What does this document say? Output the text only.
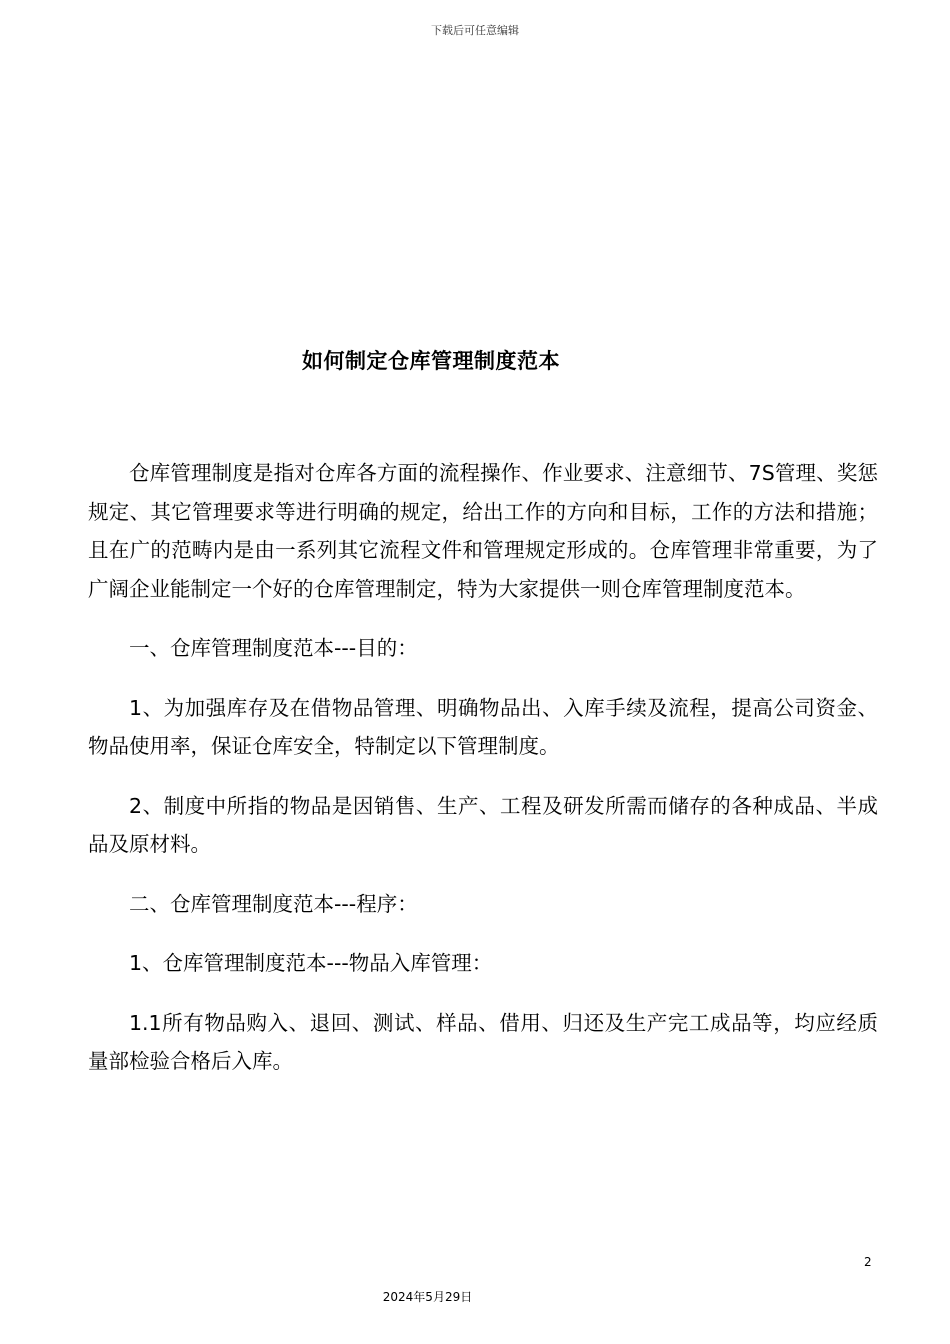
下载后可任意编辑
如何制定仓库管理制度范本

仓库管理制度是指对仓库各方面的流程操作、作业要求、注意细节、7S管理、奖惩规定、其它管理要求等进行明确的规定，给出工作的方向和目标，工作的方法和措施；且在广的范畴内是由一系列其它流程文件和管理规定形成的。仓库管理非常重要，为了广阔企业能制定一个好的仓库管理制定，特为大家提供一则仓库管理制度范本。

一、仓库管理制度范本---目的：

1、为加强库存及在借物品管理、明确物品出、入库手续及流程，提高公司资金、物品使用率，保证仓库安全，特制定以下管理制度。

2、制度中所指的物品是因销售、生产、工程及研发所需而储存的各种成品、半成品及原材料。

二、仓库管理制度范本---程序：

1、仓库管理制度范本---物品入库管理：

1.1所有物品购入、退回、测试、样品、借用、归还及生产完工成品等，均应经质量部检验合格后入库。

2
2024年5月29日
